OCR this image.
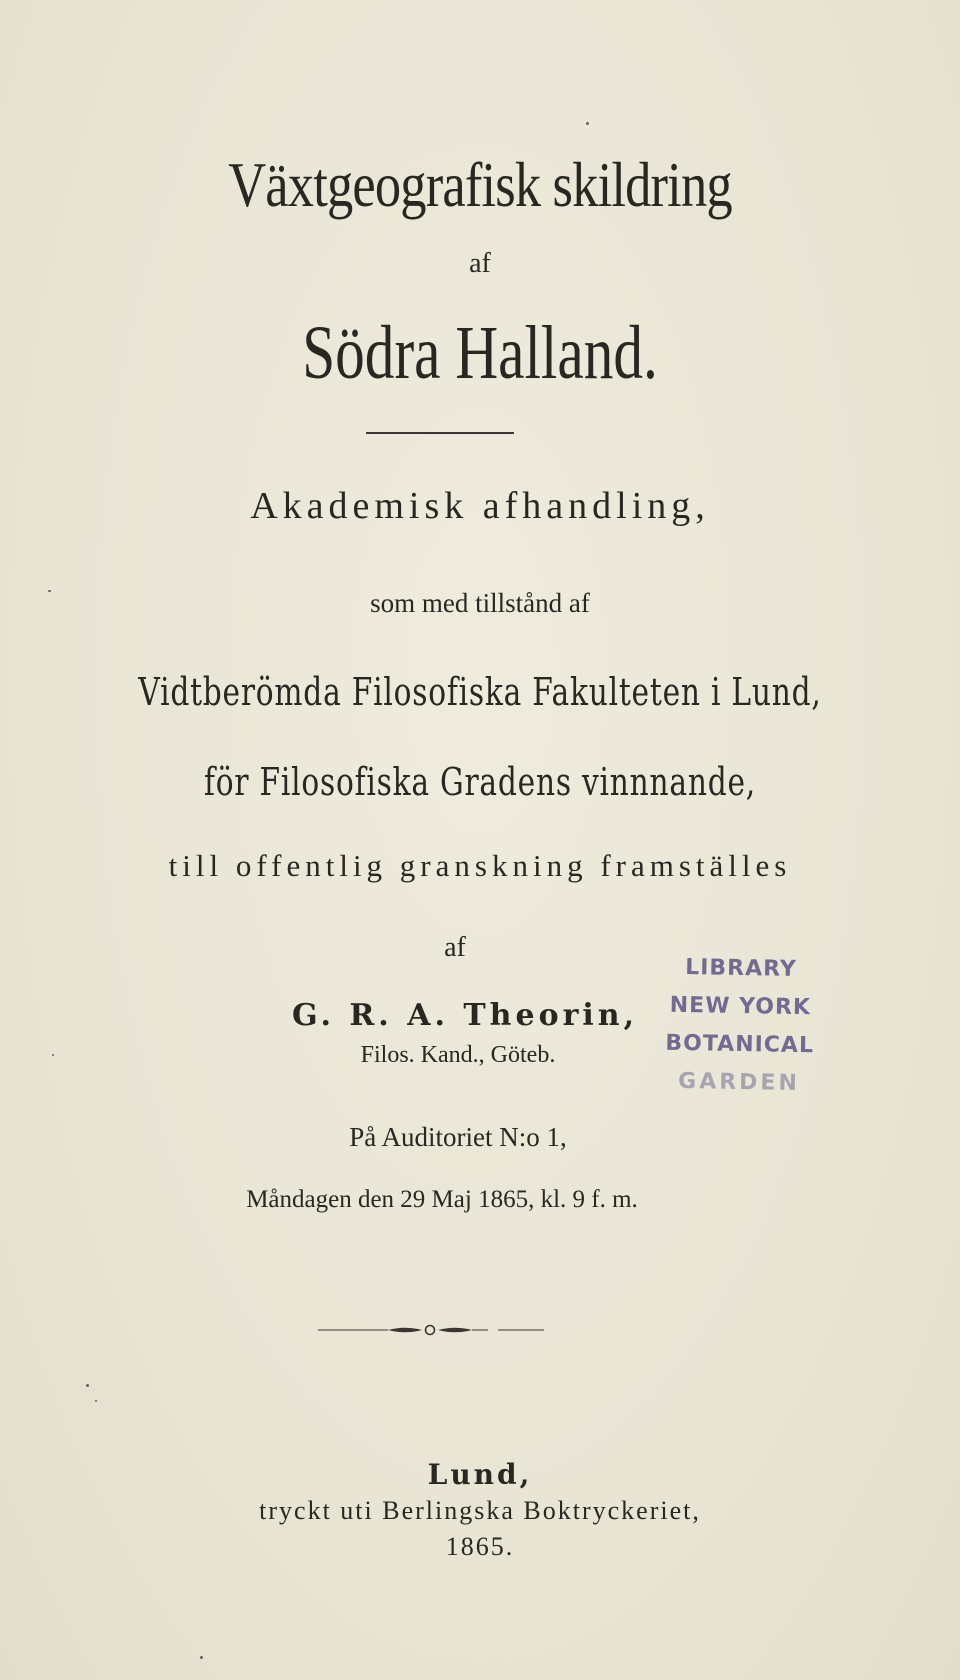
Växtgeografisk skildring
af
Södra Halland.
Akademisk afhandling,
som med tillstånd af
Vidtberömda Filosofiska Fakulteten i Lund,
för Filosofiska Gradens vinnnande,
till offentlig granskning framställes
af
G. R. A. Theorin,
Filos. Kand., Göteb.
På Auditoriet N:o 1,
Måndagen den 29 Maj 1865, kl. 9 f. m.
Lund,
tryckt uti Berlingska Boktryckeriet,
1865.
LIBRARY
NEW YORK
BOTANICAL
GARDEN
